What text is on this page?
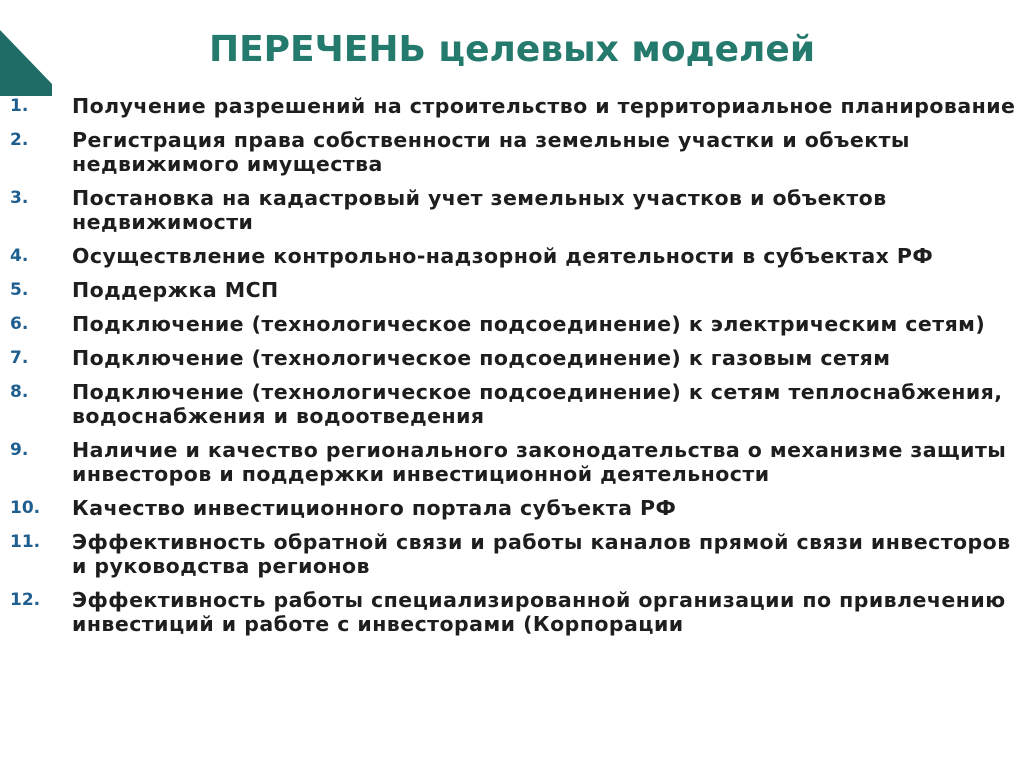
ПЕРЕЧЕНЬ целевых моделей
1. Получение разрешений на строительство и территориальное планирование
2. Регистрация права собственности на земельные участки и объекты недвижимого имущества
3. Постановка на кадастровый учет земельных участков и объектов недвижимости
4. Осуществление контрольно-надзорной деятельности в субъектах РФ
5. Поддержка МСП
6. Подключение (технологическое подсоединение) к электрическим сетям)
7. Подключение (технологическое подсоединение) к газовым сетям
8. Подключение (технологическое подсоединение) к сетям теплоснабжения, водоснабжения и водоотведения
9. Наличие и качество регионального законодательства о механизме защиты инвесторов и поддержки инвестиционной деятельности
10. Качество инвестиционного портала субъекта РФ
11. Эффективность обратной связи и работы каналов прямой связи инвесторов и руководства регионов
12. Эффективность работы специализированной организации по привлечению инвестиций и работе с инвесторами (Корпорации
